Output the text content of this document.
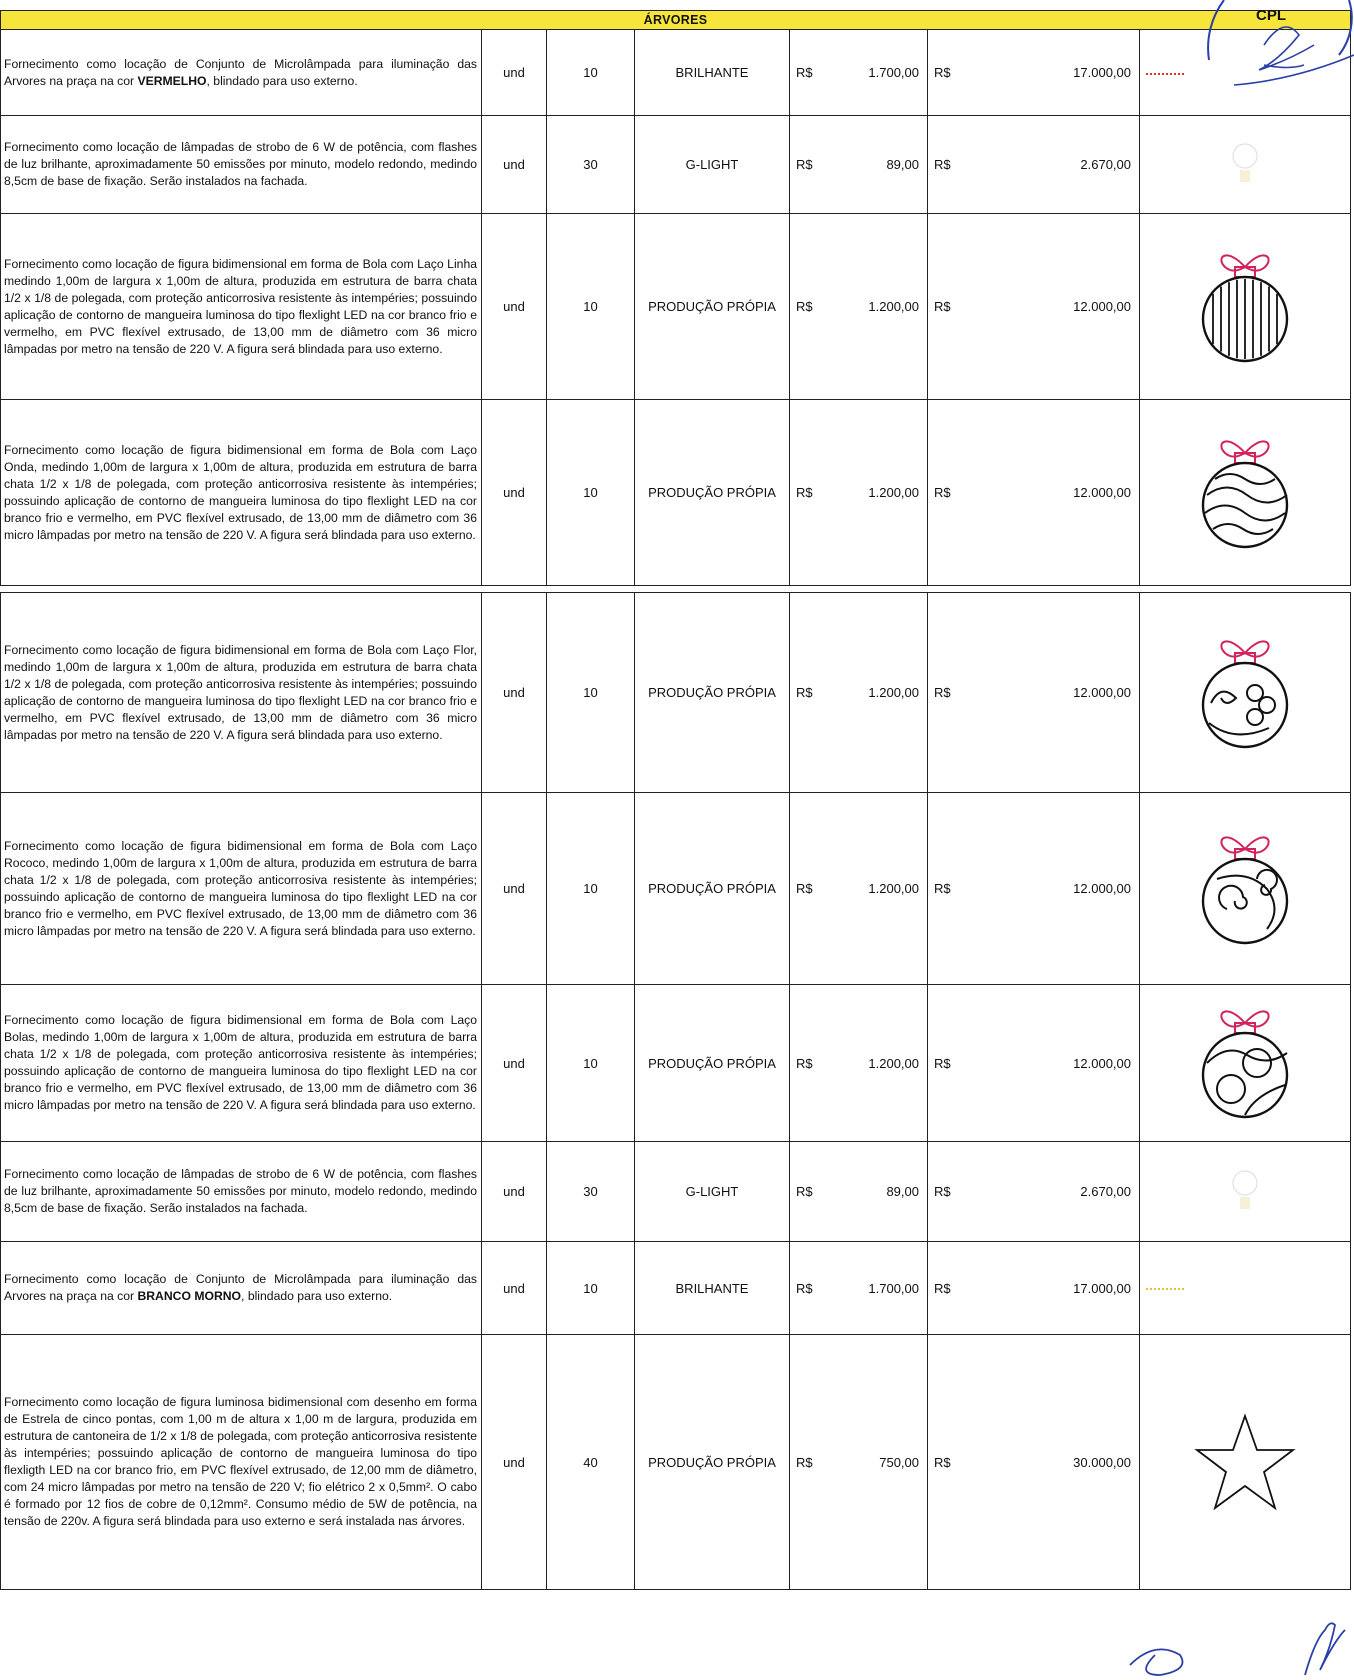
ÁRVORES								
Fornecimento como locação de Conjunto de Microlâmpada para iluminação das Arvores na praça na cor VERMELHO, blindado para uso externo.	und	10	BRILHANTE	R$	1.700,00	R$	17.000,00	

Fornecimento como locação de lâmpadas de strobo de 6 W de potência, com flashes de luz brilhante, aproximadamente 50 emissões por minuto, modelo redondo, medindo 8,5cm de base de fixação. Serão instalados na fachada.	und	30	G-LIGHT	R$	89,00	R$	2.670,00	

Fornecimento como locação de figura bidimensional em forma de Bola com Laço Linha medindo 1,00m de largura x 1,00m de altura, produzida em estrutura de barra chata 1/2 x 1/8 de polegada, com proteção anticorrosiva resistente às intempéries; possuindo aplicação de contorno de mangueira luminosa do tipo flexlight LED na cor branco frio e vermelho, em PVC flexível extrusado, de 13,00 mm de diâmetro com 36 micro lâmpadas por metro na tensão de 220 V. A figura será blindada para uso externo.	und	10	PRODUÇÃO PRÓPIA	R$	1.200,00	R$	12.000,00	

Fornecimento como locação de figura bidimensional em forma de Bola com Laço Onda, medindo 1,00m de largura x 1,00m de altura, produzida em estrutura de barra chata 1/2 x 1/8 de polegada, com proteção anticorrosiva resistente às intempéries; possuindo aplicação de contorno de mangueira luminosa do tipo flexlight LED na cor branco frio e vermelho, em PVC flexível extrusado, de 13,00 mm de diâmetro com 36 micro lâmpadas por metro na tensão de 220 V. A figura será blindada para uso externo.	und	10	PRODUÇÃO PRÓPIA	R$	1.200,00	R$	12.000,00	

Fornecimento como locação de figura bidimensional em forma de Bola com Laço Flor, medindo 1,00m de largura x 1,00m de altura, produzida em estrutura de barra chata 1/2 x 1/8 de polegada, com proteção anticorrosiva resistente às intempéries; possuindo aplicação de contorno de mangueira luminosa do tipo flexlight LED na cor branco frio e vermelho, em PVC flexível extrusado, de 13,00 mm de diâmetro com 36 micro lâmpadas por metro na tensão de 220 V. A figura será blindada para uso externo.	und	10	PRODUÇÃO PRÓPIA	R$	1.200,00	R$	12.000,00	

Fornecimento como locação de figura bidimensional em forma de Bola com Laço Rococo, medindo 1,00m de largura x 1,00m de altura, produzida em estrutura de barra chata 1/2 x 1/8 de polegada, com proteção anticorrosiva resistente às intempéries; possuindo aplicação de contorno de mangueira luminosa do tipo flexlight LED na cor branco frio e vermelho, em PVC flexível extrusado, de 13,00 mm de diâmetro com 36 micro lâmpadas por metro na tensão de 220 V. A figura será blindada para uso externo.	und	10	PRODUÇÃO PRÓPIA	R$	1.200,00	R$	12.000,00	

Fornecimento como locação de figura bidimensional em forma de Bola com Laço Bolas, medindo 1,00m de largura x 1,00m de altura, produzida em estrutura de barra chata 1/2 x 1/8 de polegada, com proteção anticorrosiva resistente às intempéries; possuindo aplicação de contorno de mangueira luminosa do tipo flexlight LED na cor branco frio e vermelho, em PVC flexível extrusado, de 13,00 mm de diâmetro com 36 micro lâmpadas por metro na tensão de 220 V. A figura será blindada para uso externo.	und	10	PRODUÇÃO PRÓPIA	R$	1.200,00	R$	12.000,00	

Fornecimento como locação de lâmpadas de strobo de 6 W de potência, com flashes de luz brilhante, aproximadamente 50 emissões por minuto, modelo redondo, medindo 8,5cm de base de fixação. Serão instalados na fachada.	und	30	G-LIGHT	R$	89,00	R$	2.670,00	

Fornecimento como locação de Conjunto de Microlâmpada para iluminação das Arvores na praça na cor BRANCO MORNO, blindado para uso externo.	und	10	BRILHANTE	R$	1.700,00	R$	17.000,00	

Fornecimento como locação de figura luminosa bidimensional com desenho em forma de Estrela de cinco pontas, com 1,00 m de altura x 1,00 m de largura, produzida em estrutura de cantoneira de 1/2 x 1/8 de polegada, com proteção anticorrosiva resistente às intempéries; possuindo aplicação de contorno de mangueira luminosa do tipo flexligth LED na cor branco frio, em PVC flexível extrusado, de 12,00 mm de diâmetro, com 24 micro lâmpadas por metro na tensão de 220 V; fio elétrico 2 x 0,5mm². O cabo é formado por 12 fios de cobre de 0,12mm². Consumo médio de 5W de potência, na tensão de 220v. A figura será blindada para uso externo e será instalada nas árvores.	und	40	PRODUÇÃO PRÓPIA	R$	750,00	R$	30.000,00	
CPL
